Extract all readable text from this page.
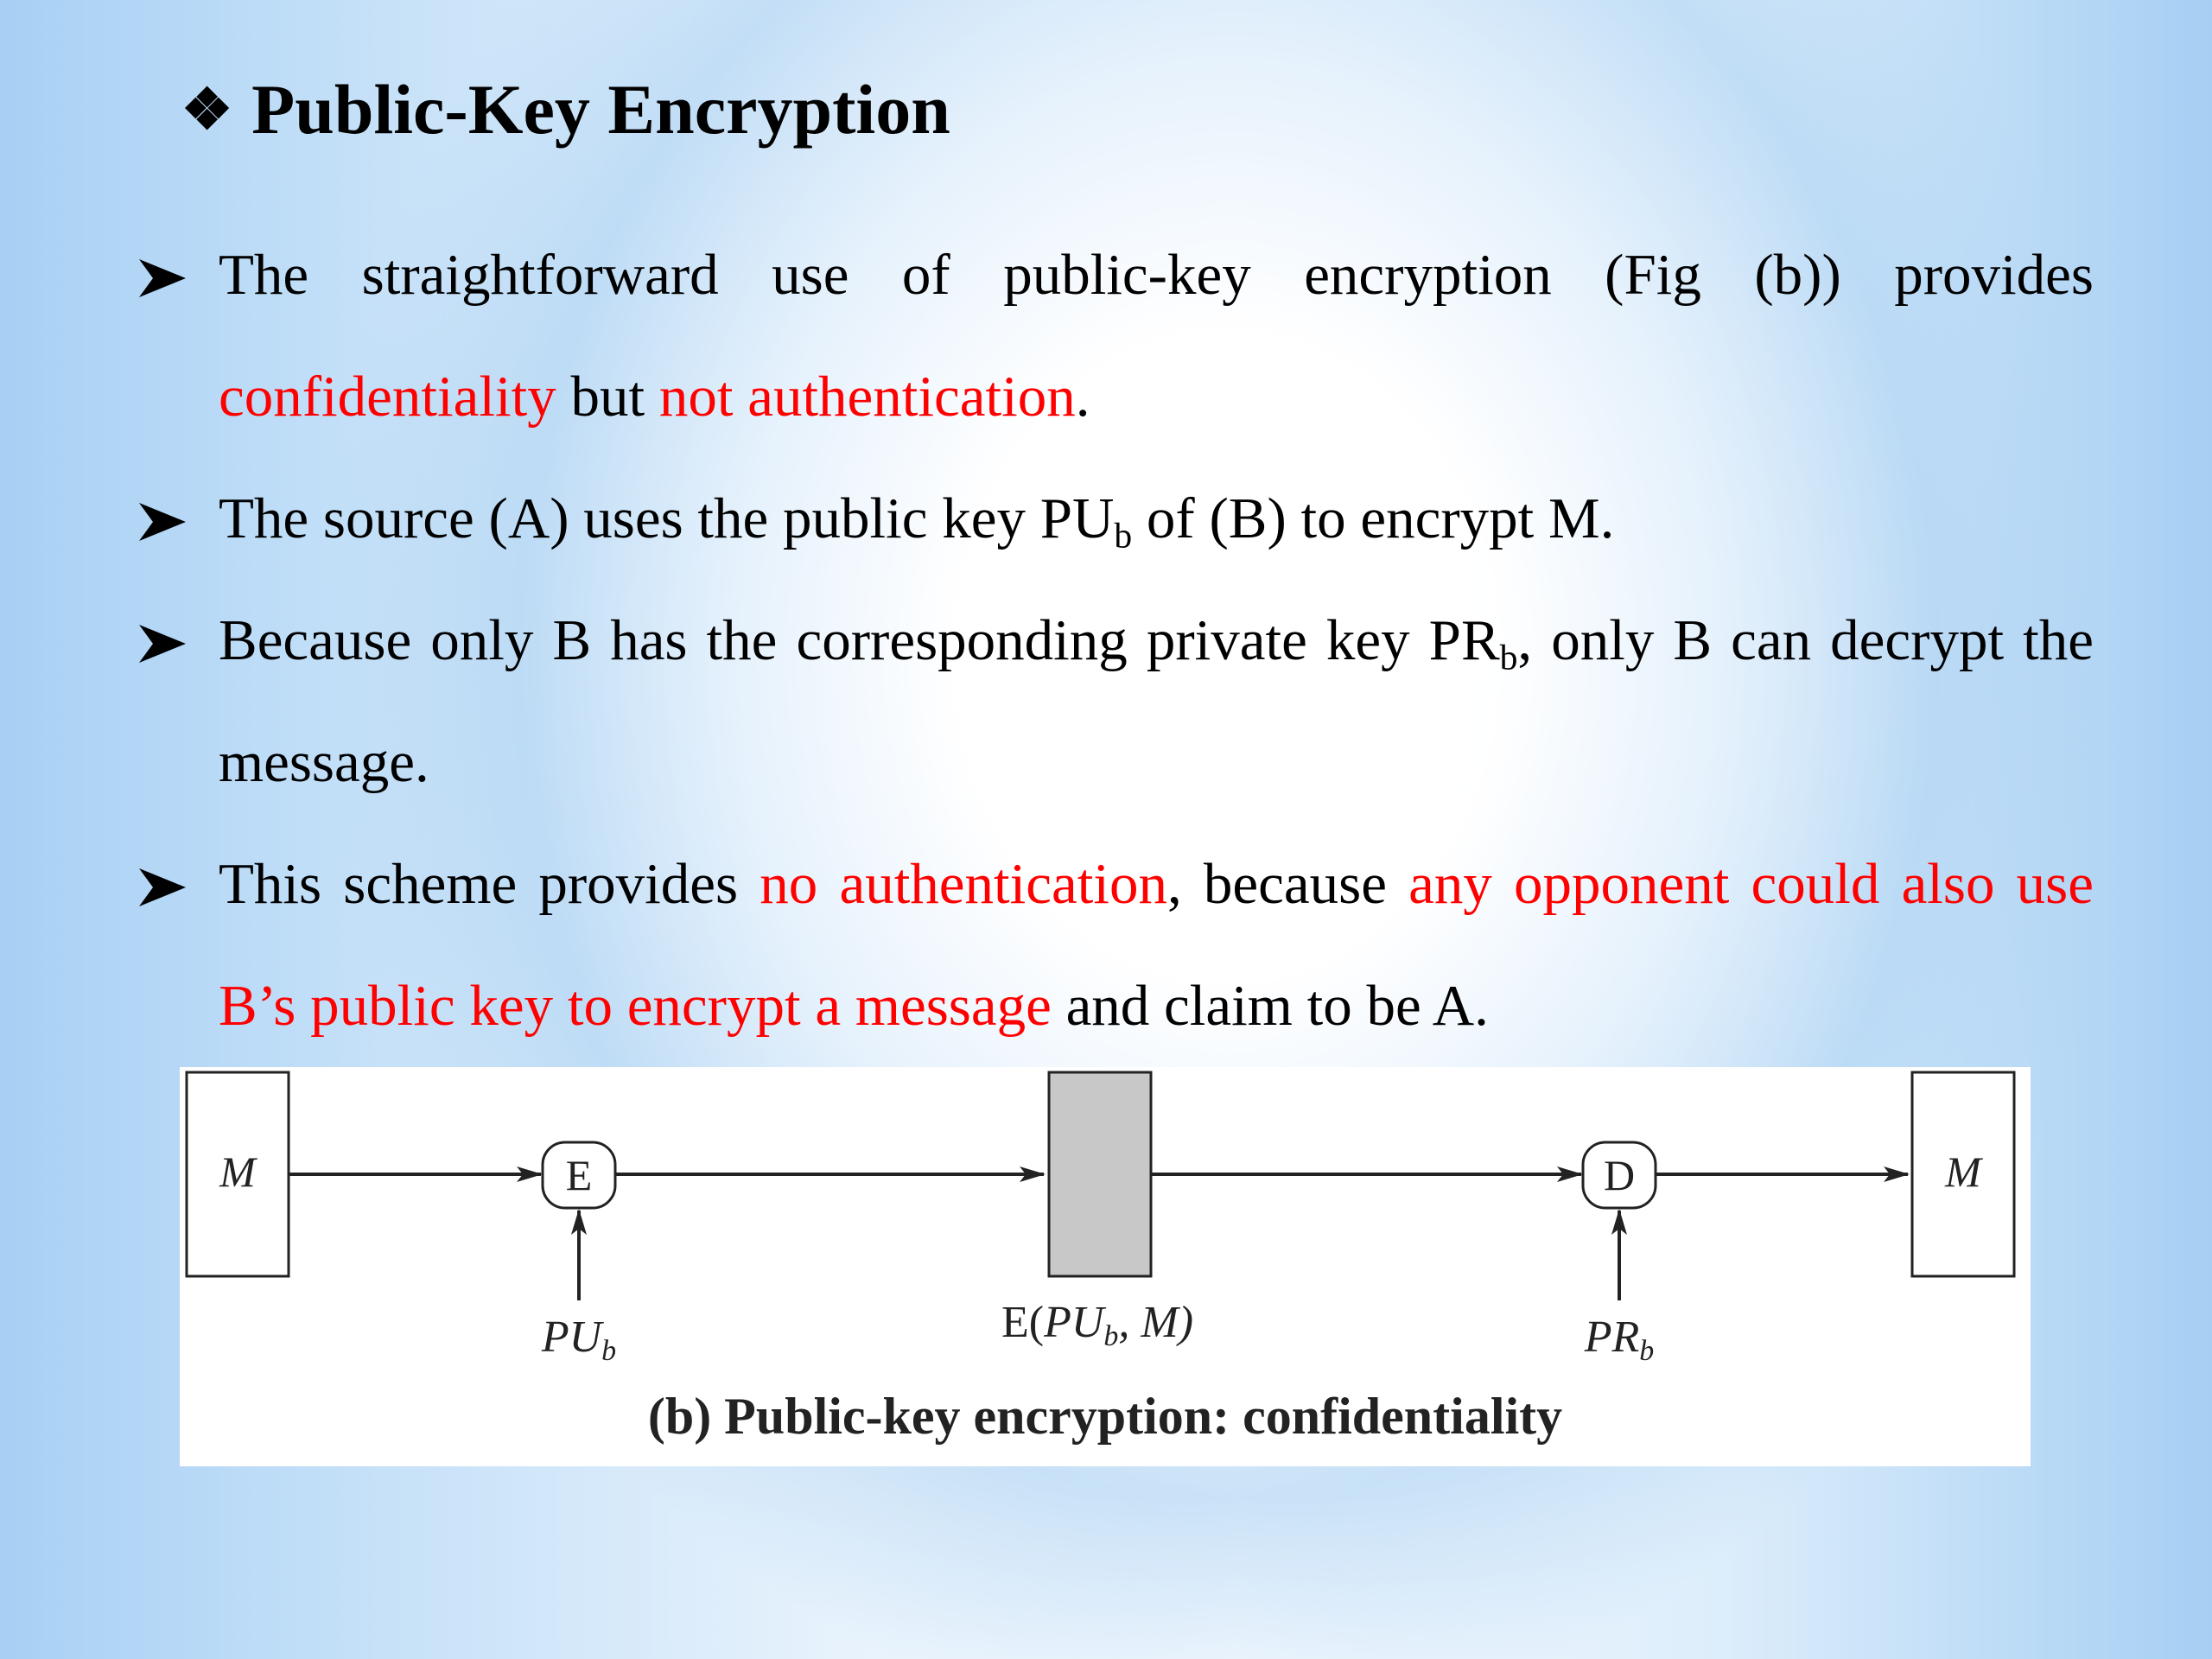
❖ Public-Key Encryption
The straightforward use of public-key encryption (Fig (b)) provides confidentiality but not authentication.
The source (A) uses the public key $PU_b$ of (B) to encrypt M.
Because only B has the corresponding private key $PR_b$, only B can decrypt the message.
This scheme provides no authentication, because any opponent could also use B’s public key to encrypt a message and claim to be A.
M	E
PUb
E(PUb, M)
D
PRb
M
(b) Public-key encryption: confidentiality
